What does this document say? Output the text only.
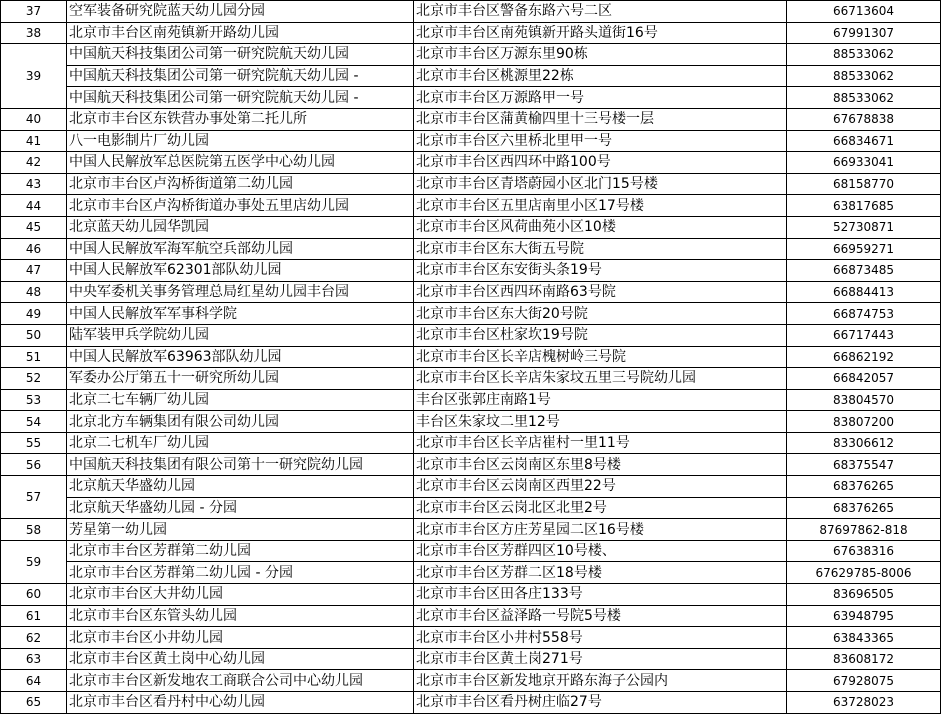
37	空军装备研究院蓝天幼儿园分园	北京市丰台区警备东路六号二区	66713604
38	北京市丰台区南苑镇新开路幼儿园	北京市丰台区南苑镇新开路头道街16号	67991307
39	中国航天科技集团公司第一研究院航天幼儿园	北京市丰台区万源东里90栋	88533062
	中国航天科技集团公司第一研究院航天幼儿园 -	北京市丰台区桃源里22栋	88533062
	中国航天科技集团公司第一研究院航天幼儿园 -	北京市丰台区万源路甲一号	88533062
40	北京市丰台区东铁营办事处第二托儿所	北京市丰台区蒲黄榆四里十三号楼一层	67678838
41	八一电影制片厂幼儿园	北京市丰台区六里桥北里甲一号	66834671
42	中国人民解放军总医院第五医学中心幼儿园	北京市丰台区西四环中路100号	66933041
43	北京市丰台区卢沟桥街道第二幼儿园	北京市丰台区青塔蔚园小区北门15号楼	68158770
44	北京市丰台区卢沟桥街道办事处五里店幼儿园	北京市丰台区五里店南里小区17号楼	63817685
45	北京蓝天幼儿园华凯园	北京市丰台区风荷曲苑小区10楼	52730871
46	中国人民解放军海军航空兵部幼儿园	北京市丰台区东大街五号院	66959271
47	中国人民解放军62301部队幼儿园	北京市丰台区东安街头条19号	66873485
48	中央军委机关事务管理总局红星幼儿园丰台园	北京市丰台区西四环南路63号院	66884413
49	中国人民解放军军事科学院	北京市丰台区东大街20号院	66874753
50	陆军装甲兵学院幼儿园	北京市丰台区杜家坎19号院	66717443
51	中国人民解放军63963部队幼儿园	北京市丰台区长辛店槐树岭三号院	66862192
52	军委办公厅第五十一研究所幼儿园	北京市丰台区长辛店朱家坟五里三号院幼儿园	66842057
53	北京二七车辆厂幼儿园	丰台区张郭庄南路1号	83804570
54	北京北方车辆集团有限公司幼儿园	丰台区朱家坟二里12号	83807200
55	北京二七机车厂幼儿园	北京市丰台区长辛店崔村一里11号	83306612
56	中国航天科技集团有限公司第十一研究院幼儿园	北京市丰台区云岗南区东里8号楼	68375547
57	北京航天华盛幼儿园	北京市丰台区云岗南区西里22号	68376265
	北京航天华盛幼儿园 - 分园	北京市丰台区云岗北区北里2号	68376265
58	芳星第一幼儿园	北京市丰台区方庄芳星园二区16号楼	87697862-818
59	北京市丰台区芳群第二幼儿园	北京市丰台区芳群四区10号楼、	67638316
	北京市丰台区芳群第二幼儿园 - 分园	北京市丰台区芳群二区18号楼	67629785-8006
60	北京市丰台区大井幼儿园	北京市丰台区田各庄133号	83696505
61	北京市丰台区东管头幼儿园	北京市丰台区益泽路一号院5号楼	63948795
62	北京市丰台区小井幼儿园	北京市丰台区小井村558号	63843365
63	北京市丰台区黄土岗中心幼儿园	北京市丰台区黄土岗271号	83608172
64	北京市丰台区新发地农工商联合公司中心幼儿园	北京市丰台区新发地京开路东海子公园内	67928075
65	北京市丰台区看丹村中心幼儿园	北京市丰台区看丹树庄临27号	63728023
